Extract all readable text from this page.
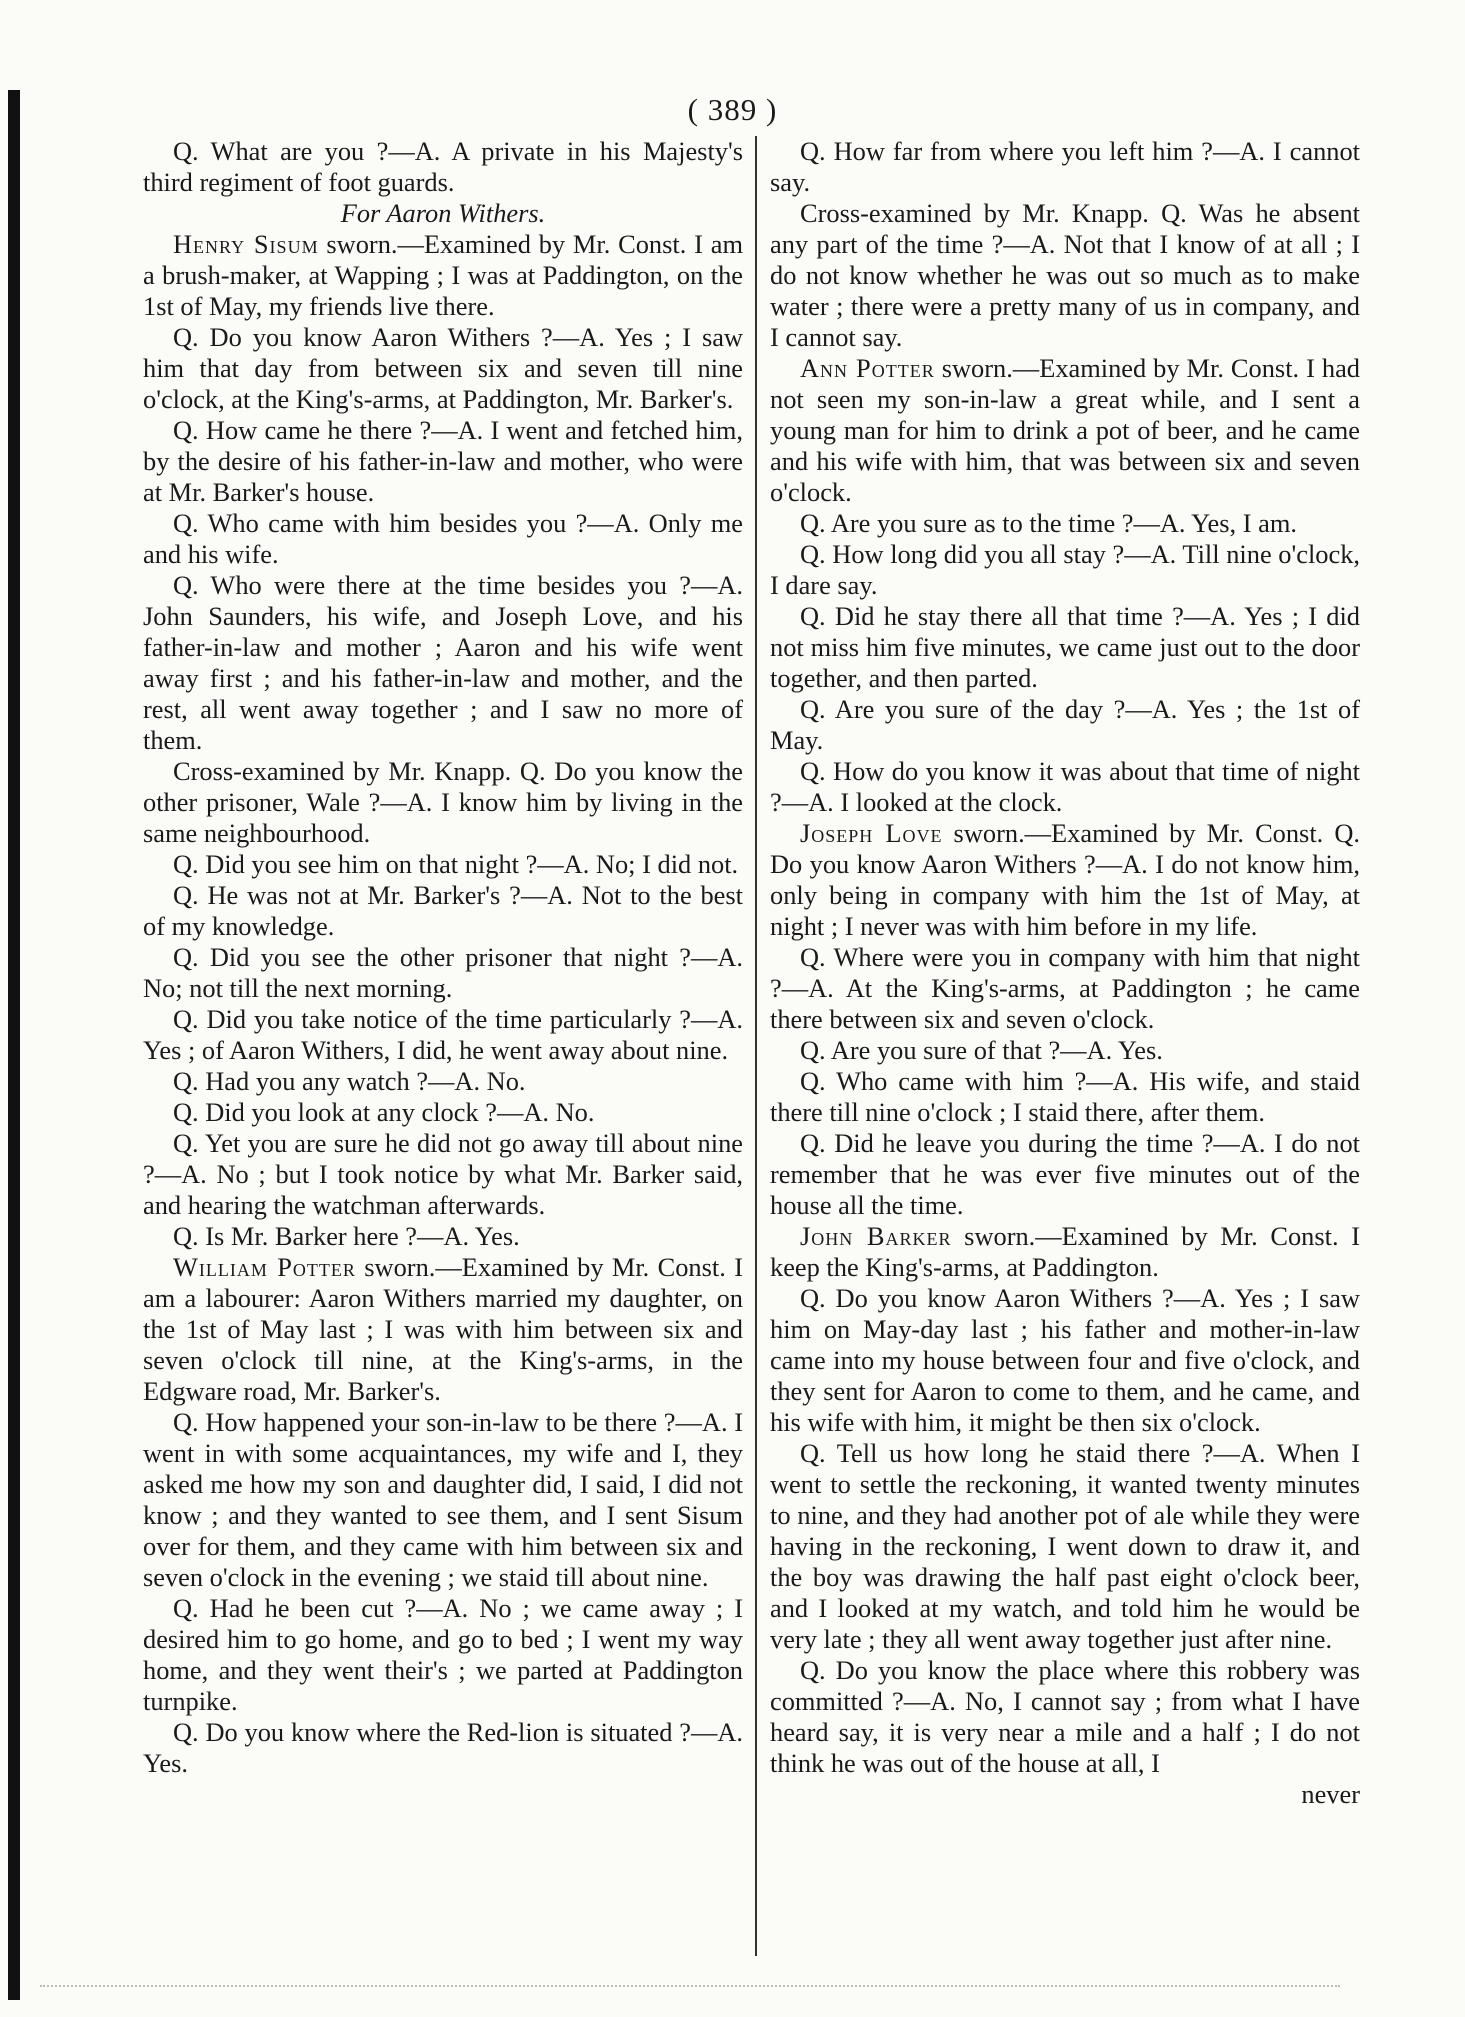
( 389 )

Q. What are you ?—A. A private in his Majesty's third regiment of foot guards.

For Aaron Withers.

Henry Sisum sworn.—Examined by Mr. Const. I am a brush-maker, at Wapping ; I was at Paddington, on the 1st of May, my friends live there.

Q. Do you know Aaron Withers ?—A. Yes ; I saw him that day from between six and seven till nine o'clock, at the King's-arms, at Paddington, Mr. Barker's.

Q. How came he there ?—A. I went and fetched him, by the desire of his father-in-law and mother, who were at Mr. Barker's house.

Q. Who came with him besides you ?—A. Only me and his wife.

Q. Who were there at the time besides you ?—A. John Saunders, his wife, and Joseph Love, and his father-in-law and mother ; Aaron and his wife went away first ; and his father-in-law and mother, and the rest, all went away together ; and I saw no more of them.

Cross-examined by Mr. Knapp. Q. Do you know the other prisoner, Wale ?—A. I know him by living in the same neighbourhood.

Q. Did you see him on that night ?—A. No; I did not.

Q. He was not at Mr. Barker's ?—A. Not to the best of my knowledge.

Q. Did you see the other prisoner that night ?—A. No; not till the next morning.

Q. Did you take notice of the time particularly ?—A. Yes ; of Aaron Withers, I did, he went away about nine.

Q. Had you any watch ?—A. No.

Q. Did you look at any clock ?—A. No.

Q. Yet you are sure he did not go away till about nine ?—A. No ; but I took notice by what Mr. Barker said, and hearing the watchman afterwards.

Q. Is Mr. Barker here ?—A. Yes.

William Potter sworn.—Examined by Mr. Const. I am a labourer: Aaron Withers married my daughter, on the 1st of May last ; I was with him between six and seven o'clock till nine, at the King's-arms, in the Edgware road, Mr. Barker's.

Q. How happened your son-in-law to be there ?—A. I went in with some acquaintances, my wife and I, they asked me how my son and daughter did, I said, I did not know ; and they wanted to see them, and I sent Sisum over for them, and they came with him between six and seven o'clock in the evening ; we staid till about nine.

Q. Had he been cut ?—A. No ; we came away ; I desired him to go home, and go to bed ; I went my way home, and they went their's ; we parted at Paddington turnpike.

Q. Do you know where the Red-lion is situated ?—A. Yes.

Q. How far from where you left him ?—A. I cannot say.

Cross-examined by Mr. Knapp. Q. Was he absent any part of the time ?—A. Not that I know of at all ; I do not know whether he was out so much as to make water ; there were a pretty many of us in company, and I cannot say.

Ann Potter sworn.—Examined by Mr. Const. I had not seen my son-in-law a great while, and I sent a young man for him to drink a pot of beer, and he came and his wife with him, that was between six and seven o'clock.

Q. Are you sure as to the time ?—A. Yes, I am.

Q. How long did you all stay ?—A. Till nine o'clock, I dare say.

Q. Did he stay there all that time ?—A. Yes ; I did not miss him five minutes, we came just out to the door together, and then parted.

Q. Are you sure of the day ?—A. Yes ; the 1st of May.

Q. How do you know it was about that time of night ?—A. I looked at the clock.

Joseph Love sworn.—Examined by Mr. Const. Q. Do you know Aaron Withers ?—A. I do not know him, only being in company with him the 1st of May, at night ; I never was with him before in my life.

Q. Where were you in company with him that night ?—A. At the King's-arms, at Paddington ; he came there between six and seven o'clock.

Q. Are you sure of that ?—A. Yes.

Q. Who came with him ?—A. His wife, and staid there till nine o'clock ; I staid there, after them.

Q. Did he leave you during the time ?—A. I do not remember that he was ever five minutes out of the house all the time.

John Barker sworn.—Examined by Mr. Const. I keep the King's-arms, at Paddington.

Q. Do you know Aaron Withers ?—A. Yes ; I saw him on May-day last ; his father and mother-in-law came into my house between four and five o'clock, and they sent for Aaron to come to them, and he came, and his wife with him, it might be then six o'clock.

Q. Tell us how long he staid there ?—A. When I went to settle the reckoning, it wanted twenty minutes to nine, and they had another pot of ale while they were having in the reckoning, I went down to draw it, and the boy was drawing the half past eight o'clock beer, and I looked at my watch, and told him he would be very late ; they all went away together just after nine.

Q. Do you know the place where this robbery was committed ?—A. No, I cannot say ; from what I have heard say, it is very near a mile and a half ; I do not think he was out of the house at all, I

never
